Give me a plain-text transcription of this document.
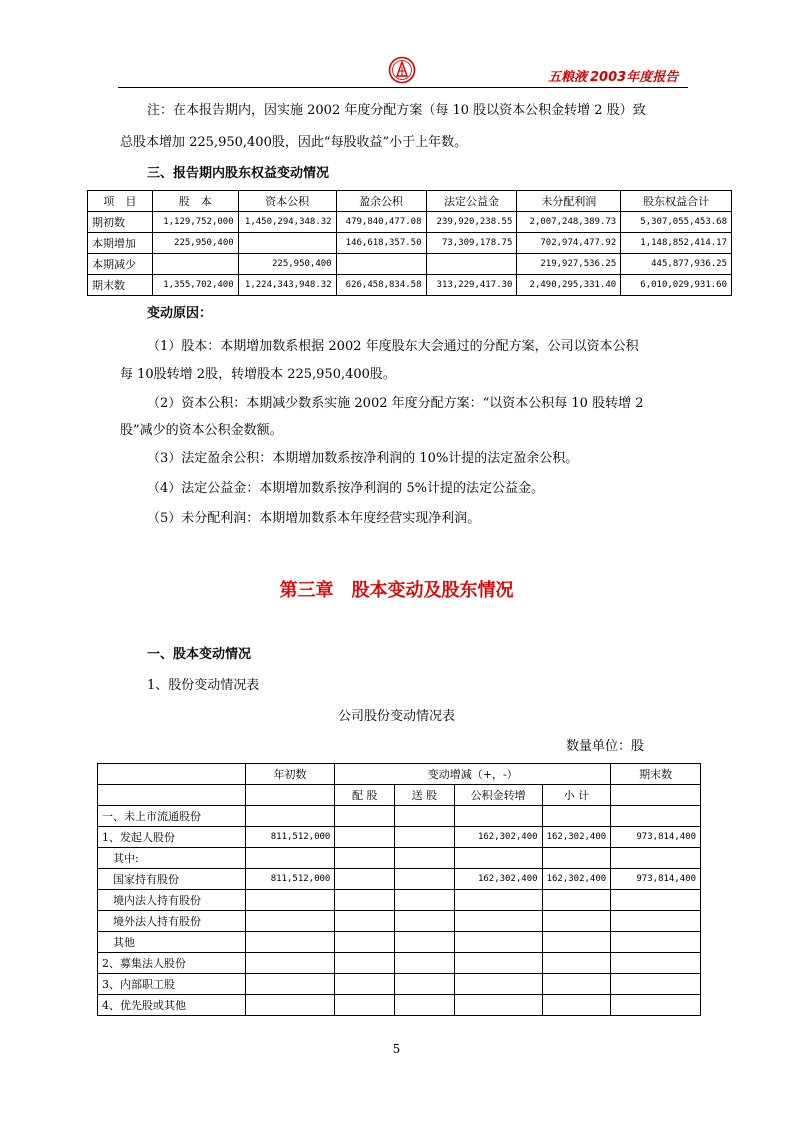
五粮液 2003年度报告
注：在本报告期内，因实施 2002 年度分配方案（每 10 股以资本公积金转增 2 股）致
总股本增加 225,950,400股，因此“每股收益”小于上年数。
三、报告期内股东权益变动情况
项　目	股　本	资本公积	盈余公积	法定公益金	未分配利润	股东权益合计
期初数	1,129,752,000	1,450,294,348.32	479,840,477.08	239,920,238.55	2,007,248,389.73	5,307,055,453.68
本期增加	225,950,400		146,618,357.50	73,309,178.75	702,974,477.92	1,148,852,414.17
本期减少		225,950,400			219,927,536.25	445,877,936.25
期末数	1,355,702,400	1,224,343,948.32	626,458,834.58	313,229,417.30	2,490,295,331.40	6,010,029,931.60
变动原因：
（1）股本：本期增加数系根据 2002 年度股东大会通过的分配方案，公司以资本公积
每 10股转增 2股，转增股本 225,950,400股。
（2）资本公积：本期减少数系实施 2002 年度分配方案：“以资本公积每 10 股转增 2
股”减少的资本公积金数额。
（3）法定盈余公积：本期增加数系按净利润的 10%计提的法定盈余公积。
（4）法定公益金：本期增加数系按净利润的 5%计提的法定公益金。
（5）未分配利润：本期增加数系本年度经营实现净利润。
第三章　股本变动及股东情况
一、股本变动情况
1、股份变动情况表
公司股份变动情况表
数量单位：股
	年初数	变动增减（+，-）				期末数
		配 股	送 股	公积金转增	小 计	
一、未上市流通股份						
1、发起人股份	811,512,000			162,302,400	162,302,400	973,814,400
　其中:						
　国家持有股份	811,512,000			162,302,400	162,302,400	973,814,400
　境内法人持有股份						
　境外法人持有股份						
　其他						
2、募集法人股份						
3、内部职工股						
4、优先股或其他						
5
